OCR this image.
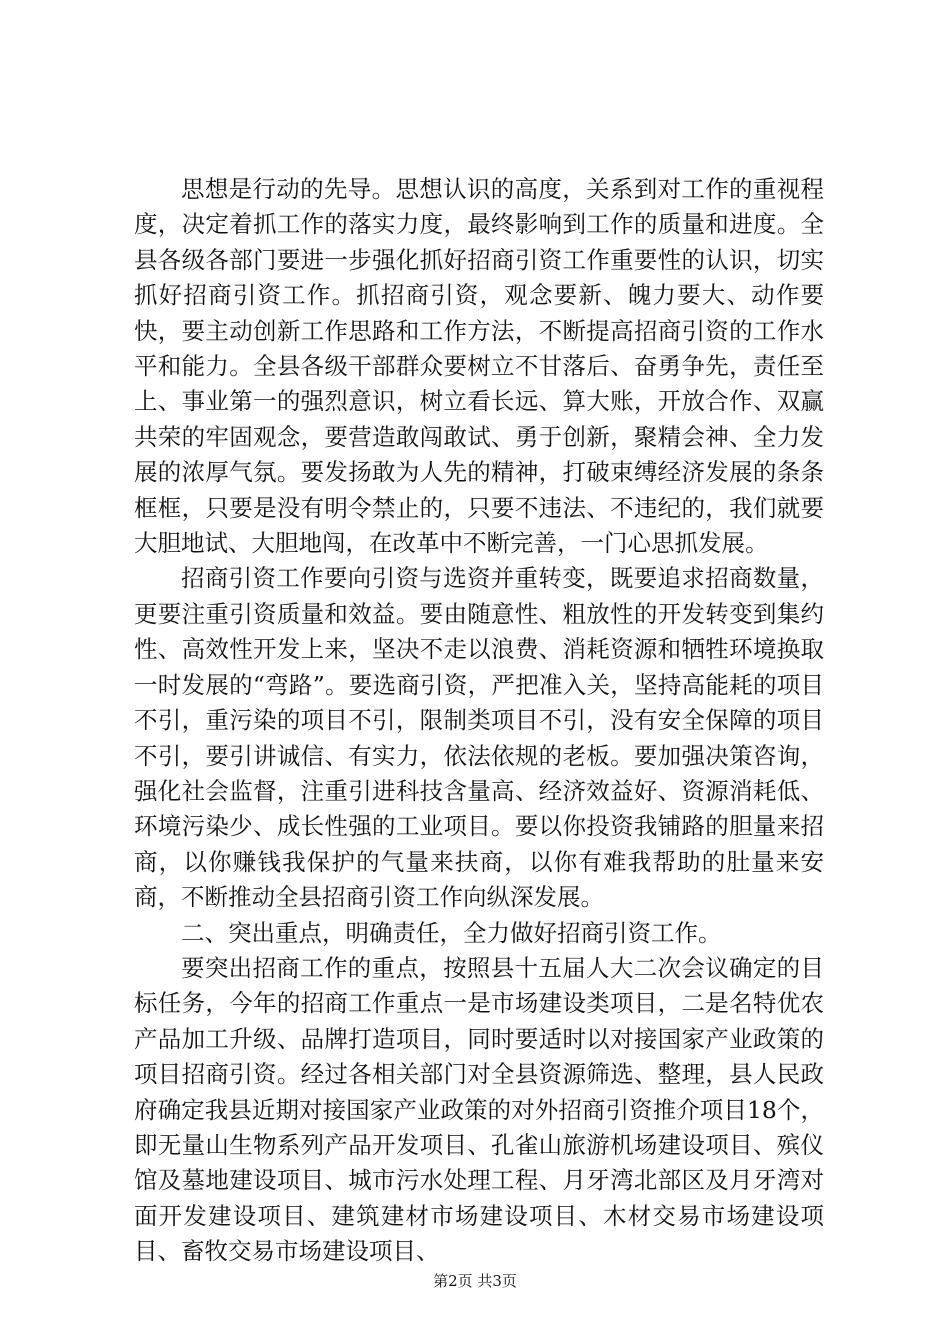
思想是行动的先导。思想认识的高度，关系到对工作的重视程度，决定着抓工作的落实力度，最终影响到工作的质量和进度。全县各级各部门要进一步强化抓好招商引资工作重要性的认识，切实抓好招商引资工作。抓招商引资，观念要新、魄力要大、动作要快，要主动创新工作思路和工作方法，不断提高招商引资的工作水平和能力。全县各级干部群众要树立不甘落后、奋勇争先，责任至上、事业第一的强烈意识，树立看长远、算大账，开放合作、双赢共荣的牢固观念，要营造敢闯敢试、勇于创新，聚精会神、全力发展的浓厚气氛。要发扬敢为人先的精神，打破束缚经济发展的条条框框，只要是没有明令禁止的，只要不违法、不违纪的，我们就要大胆地试、大胆地闯，在改革中不断完善，一门心思抓发展。

招商引资工作要向引资与选资并重转变，既要追求招商数量，更要注重引资质量和效益。要由随意性、粗放性的开发转变到集约性、高效性开发上来，坚决不走以浪费、消耗资源和牺牲环境换取一时发展的“弯路”。要选商引资，严把准入关，坚持高能耗的项目不引，重污染的项目不引，限制类项目不引，没有安全保障的项目不引，要引讲诚信、有实力，依法依规的老板。要加强决策咨询，强化社会监督，注重引进科技含量高、经济效益好、资源消耗低、环境污染少、成长性强的工业项目。要以你投资我铺路的胆量来招商，以你赚钱我保护的气量来扶商，以你有难我帮助的肚量来安商，不断推动全县招商引资工作向纵深发展。

二、突出重点，明确责任，全力做好招商引资工作。

要突出招商工作的重点，按照县十五届人大二次会议确定的目标任务，今年的招商工作重点一是市场建设类项目，二是名特优农产品加工升级、品牌打造项目，同时要适时以对接国家产业政策的项目招商引资。经过各相关部门对全县资源筛选、整理，县人民政府确定我县近期对接国家产业政策的对外招商引资推介项目18个，即无量山生物系列产品开发项目、孔雀山旅游机场建设项目、殡仪馆及墓地建设项目、城市污水处理工程、月牙湾北部区及月牙湾对面开发建设项目、建筑建材市场建设项目、木材交易市场建设项目、畜牧交易市场建设项目、

第2页 共3页
